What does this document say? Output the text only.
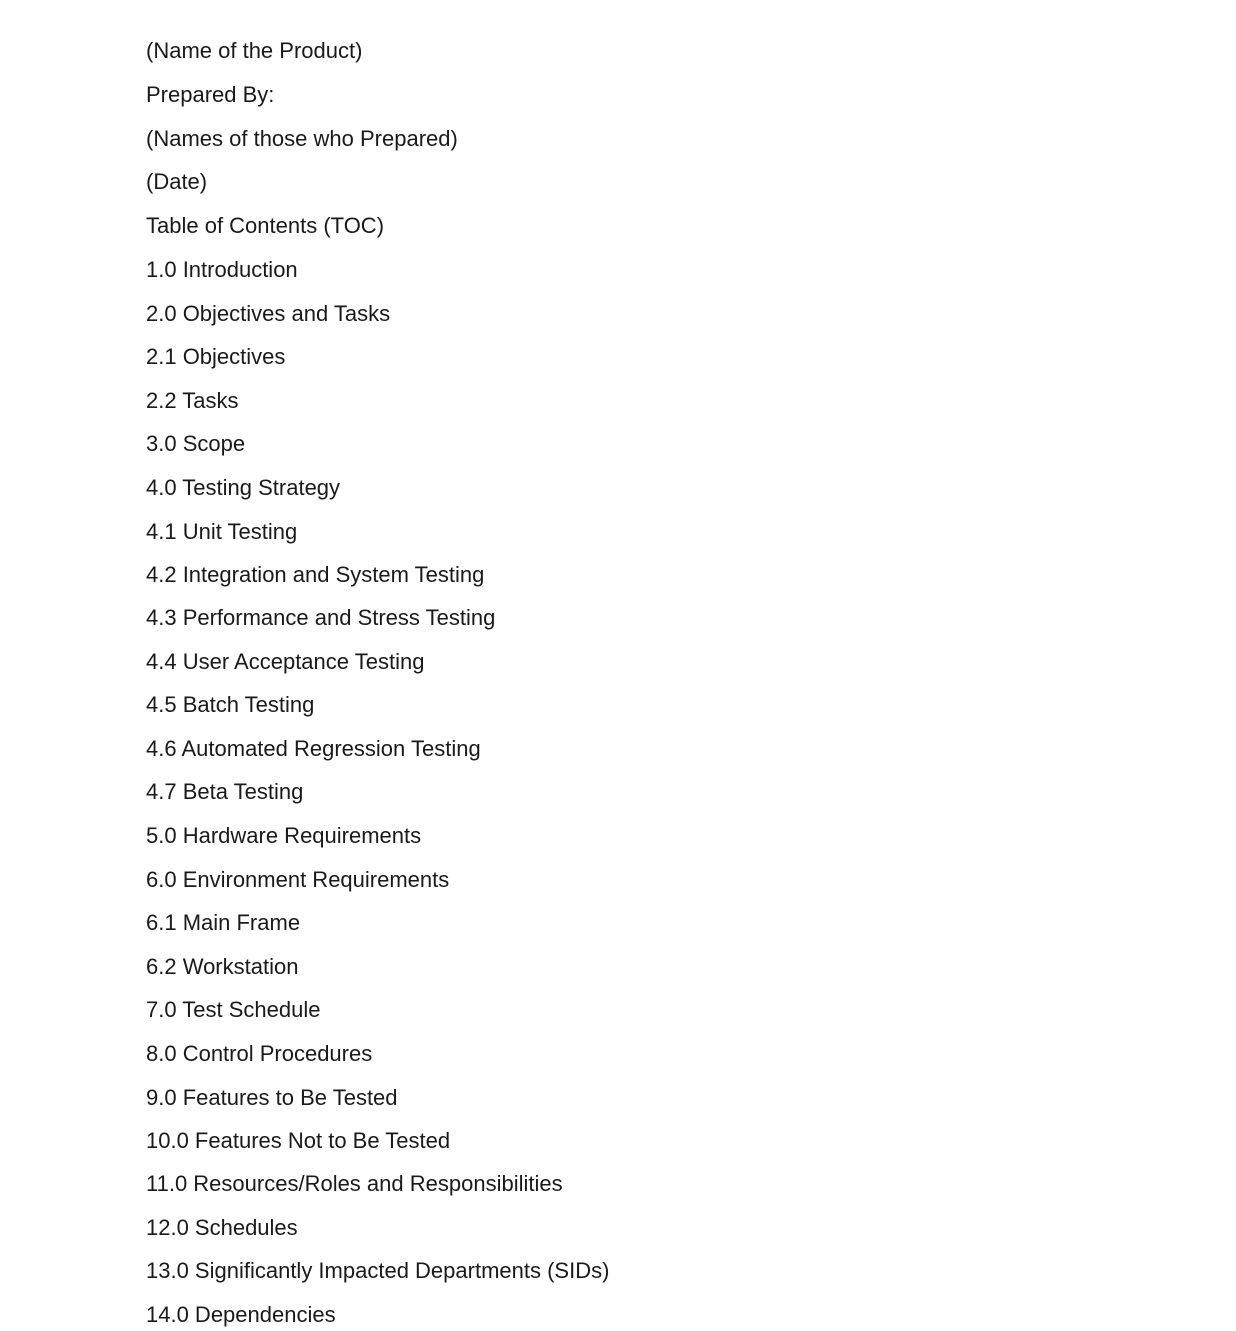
(Name of the Product)

Prepared By:

(Names of those who Prepared)

(Date)

Table of Contents (TOC)

1.0 Introduction
2.0 Objectives and Tasks
2.1 Objectives
2.2 Tasks
3.0 Scope
4.0 Testing Strategy
4.1 Unit Testing
4.2 Integration and System Testing
4.3 Performance and Stress Testing
4.4 User Acceptance Testing
4.5 Batch Testing
4.6 Automated Regression Testing
4.7 Beta Testing
5.0 Hardware Requirements
6.0 Environment Requirements
6.1 Main Frame
6.2 Workstation
7.0 Test Schedule
8.0 Control Procedures
9.0 Features to Be Tested
10.0 Features Not to Be Tested
11.0 Resources/Roles and Responsibilities
12.0 Schedules
13.0 Significantly Impacted Departments (SIDs)
14.0 Dependencies
